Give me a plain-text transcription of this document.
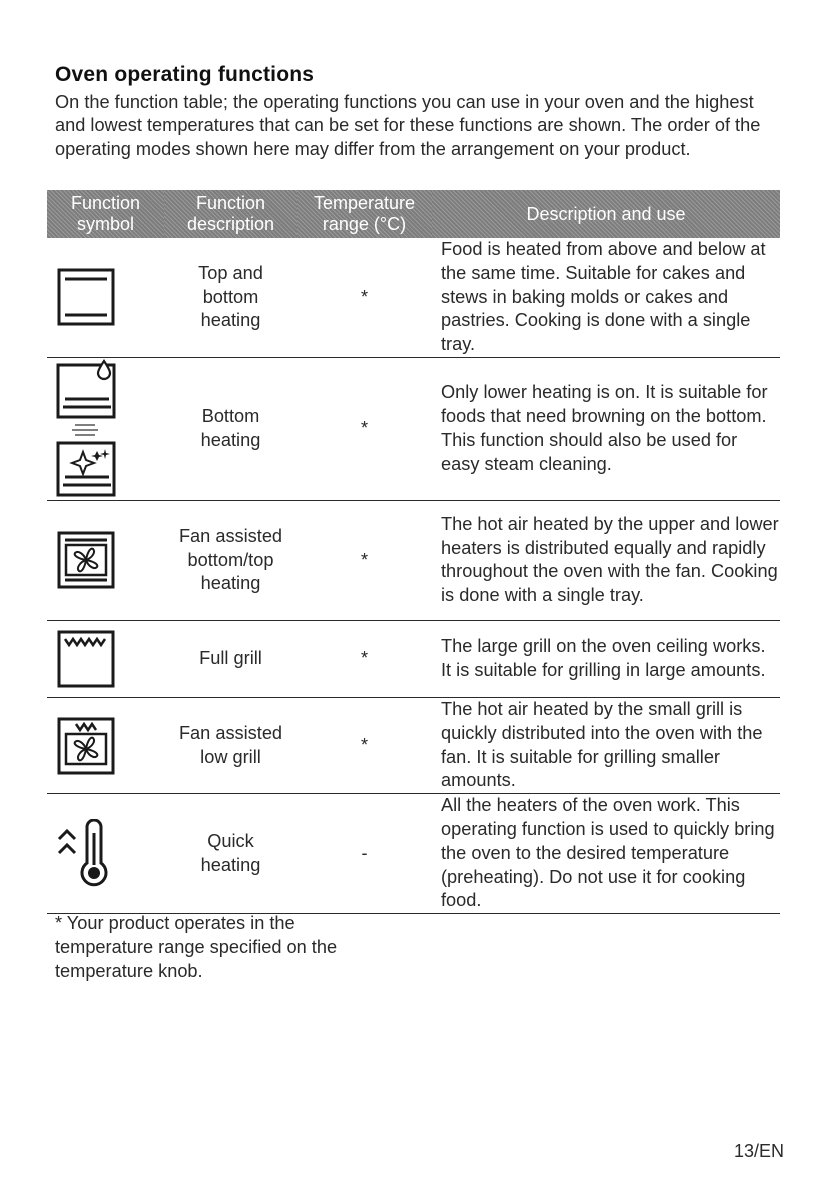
Oven operating functions
On the function table; the operating functions you can use in your oven and the highest and lowest temperatures that can be set for these functions are shown. The order of the operating modes shown here may differ from the arrangement on your product.
Function symbol	Function description	Temperature range (°C)	Description and use

	Top and bottom heating	*	Food is heated from above and below at the same time. Suitable for cakes and stews in baking molds or cakes and pastries. Cooking is done with a single tray.

	Bottom heating	*	Only lower heating is on. It is suitable for foods that need browning on the bottom. This function should also be used for easy steam cleaning.

	Fan assisted bottom/top heating	*	The hot air heated by the upper and lower heaters is distributed equally and rapidly throughout the oven with the fan. Cooking is done with a single tray.

	Full grill	*	The large grill on the oven ceiling works. It is suitable for grilling in large amounts.

	Fan assisted low grill	*	The hot air heated by the small grill is quickly distributed into the oven with the fan. It is suitable for grilling smaller amounts.

	Quick heating	-	All the heaters of the oven work. This operating function is used to quickly bring the oven to the desired temperature (preheating). Do not use it for cooking food.
* Your product operates in the temperature range specified on the temperature knob.
13/EN
